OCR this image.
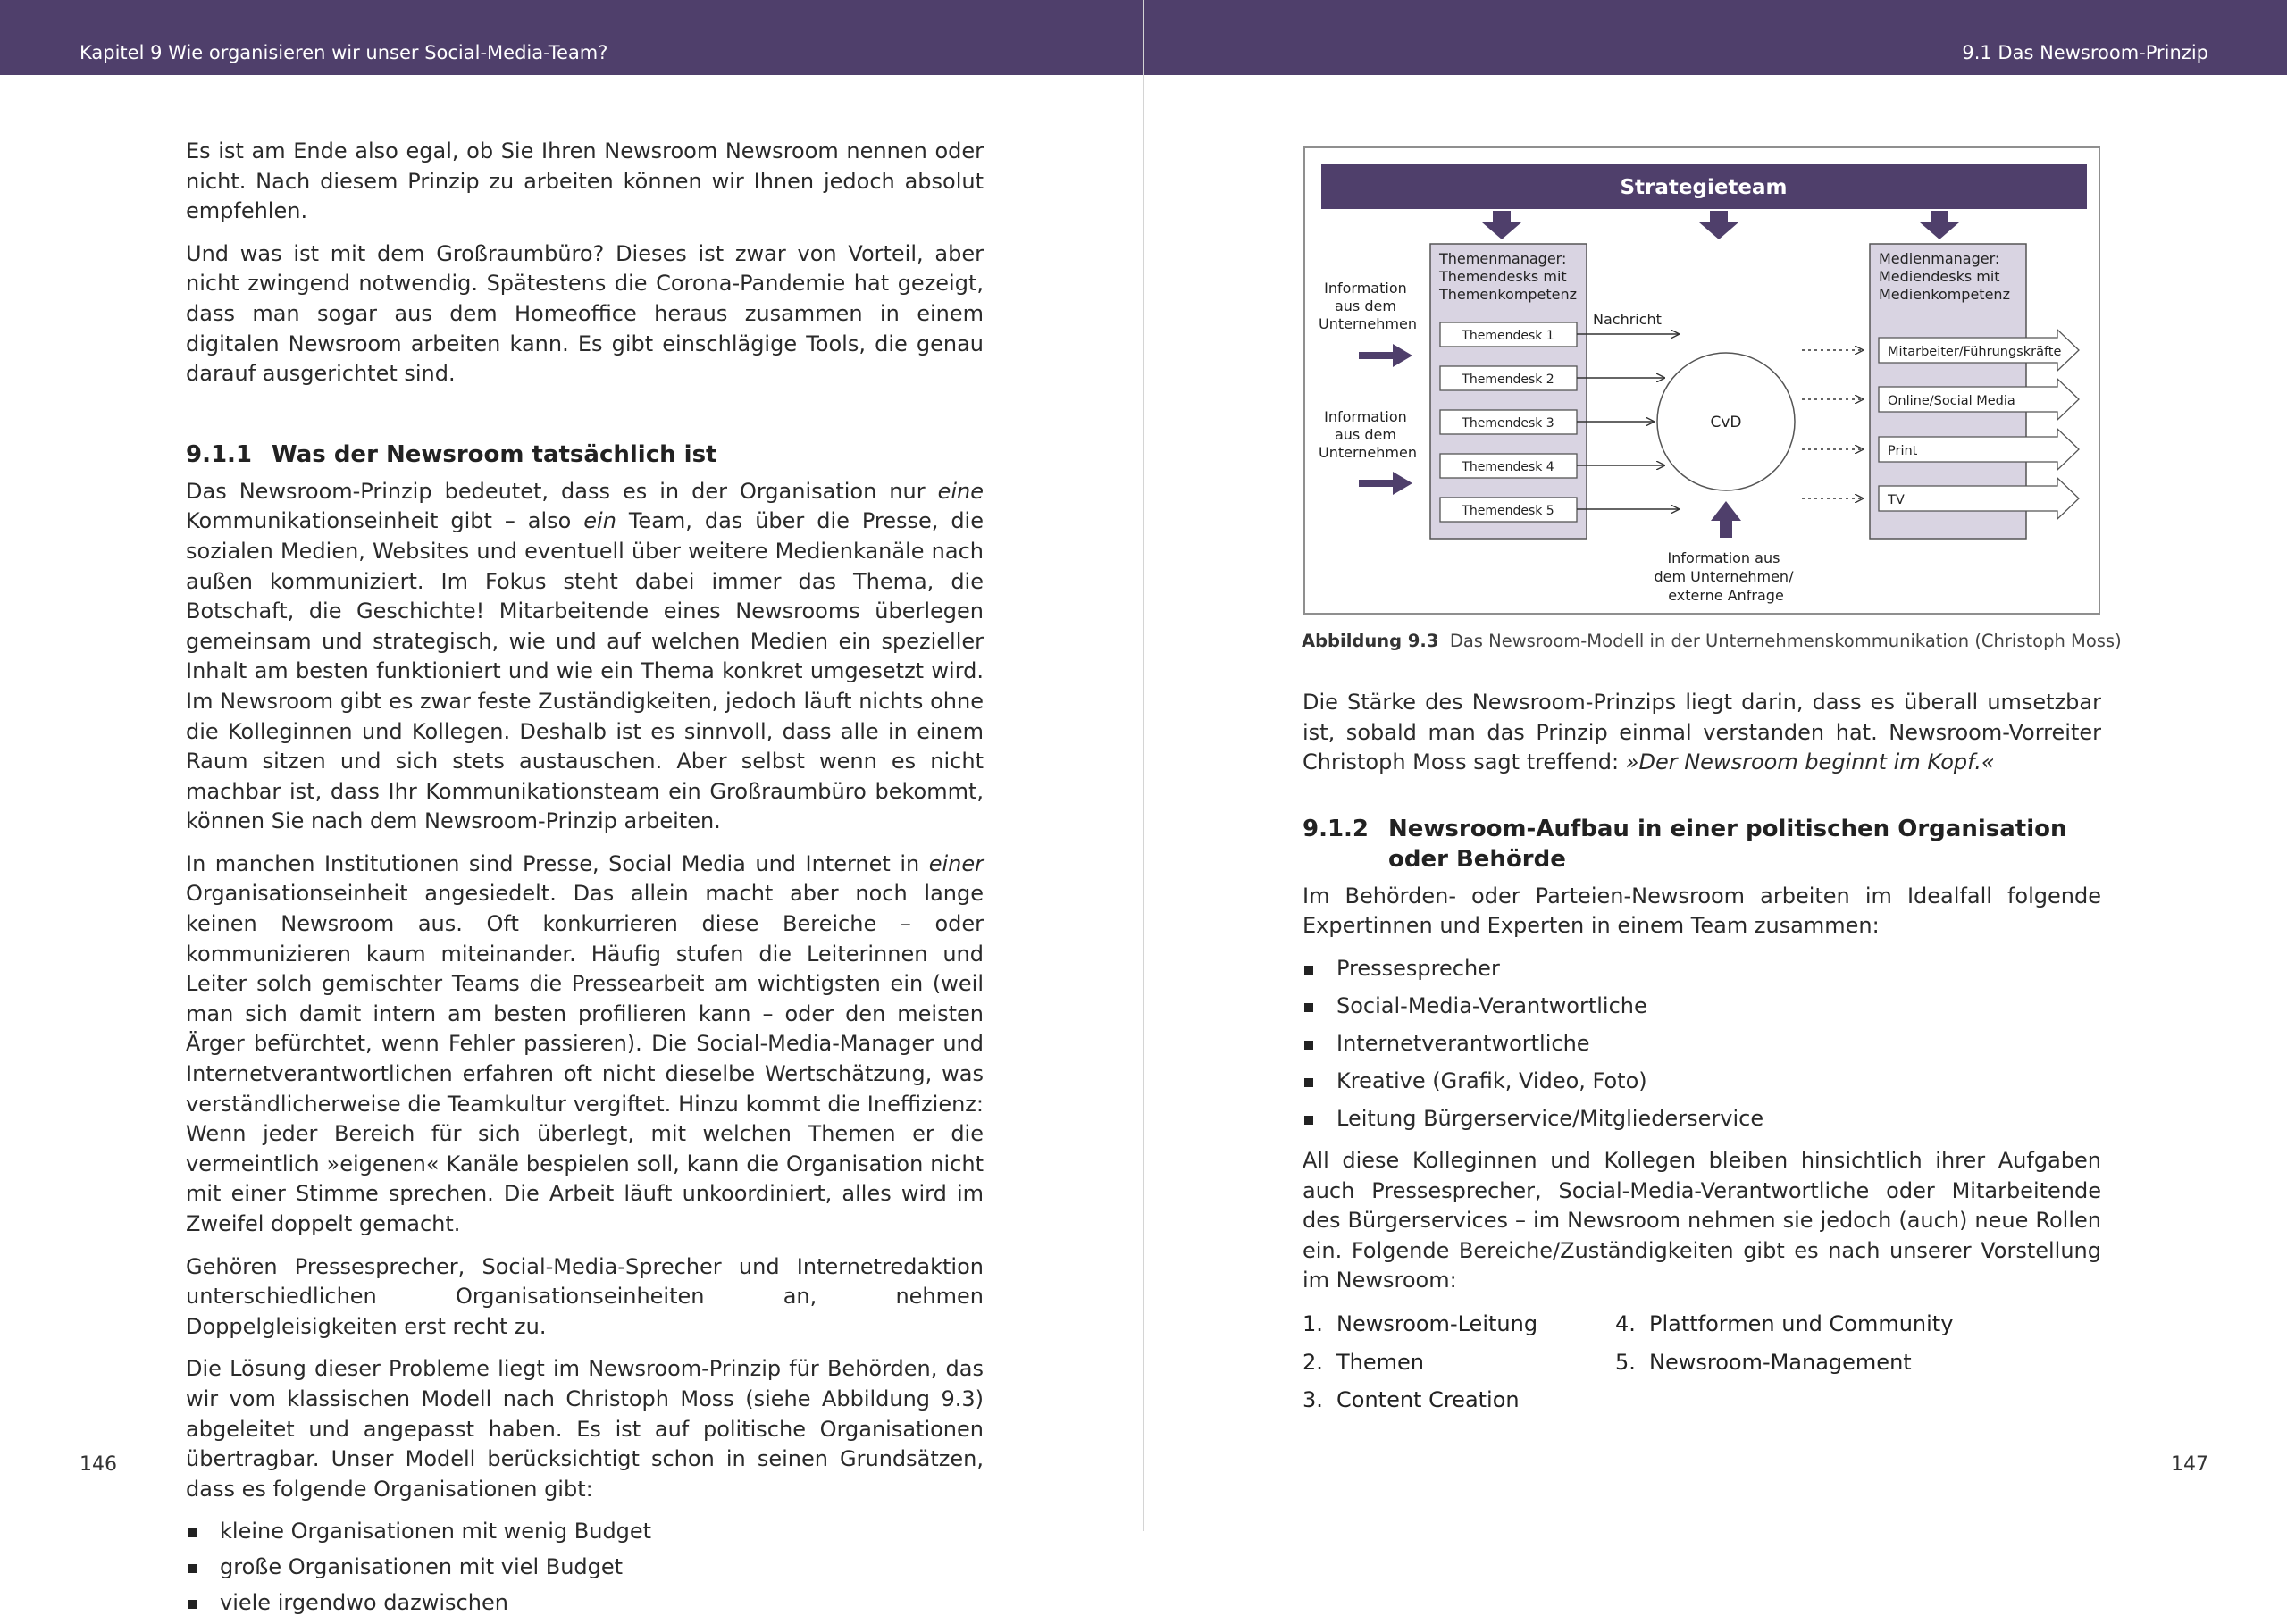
Kapitel 9 Wie organisieren wir unser Social-Media-Team?

Es ist am Ende also egal, ob Sie Ihren Newsroom Newsroom nennen oder nicht. Nach diesem Prinzip zu arbeiten können wir Ihnen jedoch absolut empfehlen.

Und was ist mit dem Großraumbüro? Dieses ist zwar von Vorteil, aber nicht zwingend notwendig. Spätestens die Corona-Pandemie hat gezeigt, dass man sogar aus dem Homeoffice heraus zusammen in einem digitalen Newsroom arbeiten kann. Es gibt einschlägige Tools, die genau darauf ausgerichtet sind.

9.1.1 Was der Newsroom tatsächlich ist

Das Newsroom-Prinzip bedeutet, dass es in der Organisation nur eine Kommunikationseinheit gibt – also ein Team, das über die Presse, die sozialen Medien, Websites und eventuell über weitere Medienkanäle nach außen kommuniziert. Im Fokus steht dabei immer das Thema, die Botschaft, die Geschichte! Mitarbeitende eines Newsrooms überlegen gemeinsam und strategisch, wie und auf welchen Medien ein spezieller Inhalt am besten funktioniert und wie ein Thema konkret umgesetzt wird. Im Newsroom gibt es zwar feste Zuständigkeiten, jedoch läuft nichts ohne die Kolleginnen und Kollegen. Deshalb ist es sinnvoll, dass alle in einem Raum sitzen und sich stets austauschen. Aber selbst wenn es nicht machbar ist, dass Ihr Kommunikationsteam ein Großraumbüro bekommt, können Sie nach dem Newsroom-Prinzip arbeiten.

In manchen Institutionen sind Presse, Social Media und Internet in einer Organisationseinheit angesiedelt. Das allein macht aber noch lange keinen Newsroom aus. Oft konkurrieren diese Bereiche – oder kommunizieren kaum miteinander. Häufig stufen die Leiterinnen und Leiter solch gemischter Teams die Pressearbeit am wichtigsten ein (weil man sich damit intern am besten profilieren kann – oder den meisten Ärger befürchtet, wenn Fehler passieren). Die Social-Media-Manager und Internetverantwortlichen erfahren oft nicht dieselbe Wertschätzung, was verständlicherweise die Teamkultur vergiftet. Hinzu kommt die Ineffizienz: Wenn jeder Bereich für sich überlegt, mit welchen Themen er die vermeintlich »eigenen« Kanäle bespielen soll, kann die Organisation nicht mit einer Stimme sprechen. Die Arbeit läuft unkoordiniert, alles wird im Zweifel doppelt gemacht.

Gehören Pressesprecher, Social-Media-Sprecher und Internetredaktion unterschiedlichen Organisationseinheiten an, nehmen Doppelgleisigkeiten erst recht zu.

Die Lösung dieser Probleme liegt im Newsroom-Prinzip für Behörden, das wir vom klassischen Modell nach Christoph Moss (siehe Abbildung 9.3) abgeleitet und angepasst haben. Es ist auf politische Organisationen übertragbar. Unser Modell berücksichtigt schon in seinen Grundsätzen, dass es folgende Organisationen gibt:

kleine Organisationen mit wenig Budget
große Organisationen mit viel Budget
viele irgendwo dazwischen
146
9.1 Das Newsroom-Prinzip
Strategieteam
Themenmanager: Themendesks mit Themenkompetenz
Themendesk 1
Themendesk 2
Themendesk 3
Themendesk 4
Themendesk 5
Information aus dem Unternehmen
Information aus dem Unternehmen
Nachricht
CvD
Information aus dem Unternehmen/ externe Anfrage
Medienmanager: Mediendesks mit Medienkompetenz
Mitarbeiter/Führungskräfte
Online/Social Media
Print
TV
Abbildung 9.3 Das Newsroom-Modell in der Unternehmenskommunikation (Christoph Moss)

Die Stärke des Newsroom-Prinzips liegt darin, dass es überall umsetzbar ist, sobald man das Prinzip einmal verstanden hat. Newsroom-Vorreiter Christoph Moss sagt treffend: »Der Newsroom beginnt im Kopf.«

9.1.2 Newsroom-Aufbau in einer politischen Organisation oder Behörde

Im Behörden- oder Parteien-Newsroom arbeiten im Idealfall folgende Expertinnen und Experten in einem Team zusammen:

Pressesprecher
Social-Media-Verantwortliche
Internetverantwortliche
Kreative (Grafik, Video, Foto)
Leitung Bürgerservice/Mitgliederservice

All diese Kolleginnen und Kollegen bleiben hinsichtlich ihrer Aufgaben auch Pressesprecher, Social-Media-Verantwortliche oder Mitarbeitende des Bürgerservices – im Newsroom nehmen sie jedoch (auch) neue Rollen ein. Folgende Bereiche/Zuständigkeiten gibt es nach unserer Vorstellung im Newsroom:

1. Newsroom-Leitung
2. Themen
3. Content Creation
4. Plattformen und Community
5. Newsroom-Management
147
